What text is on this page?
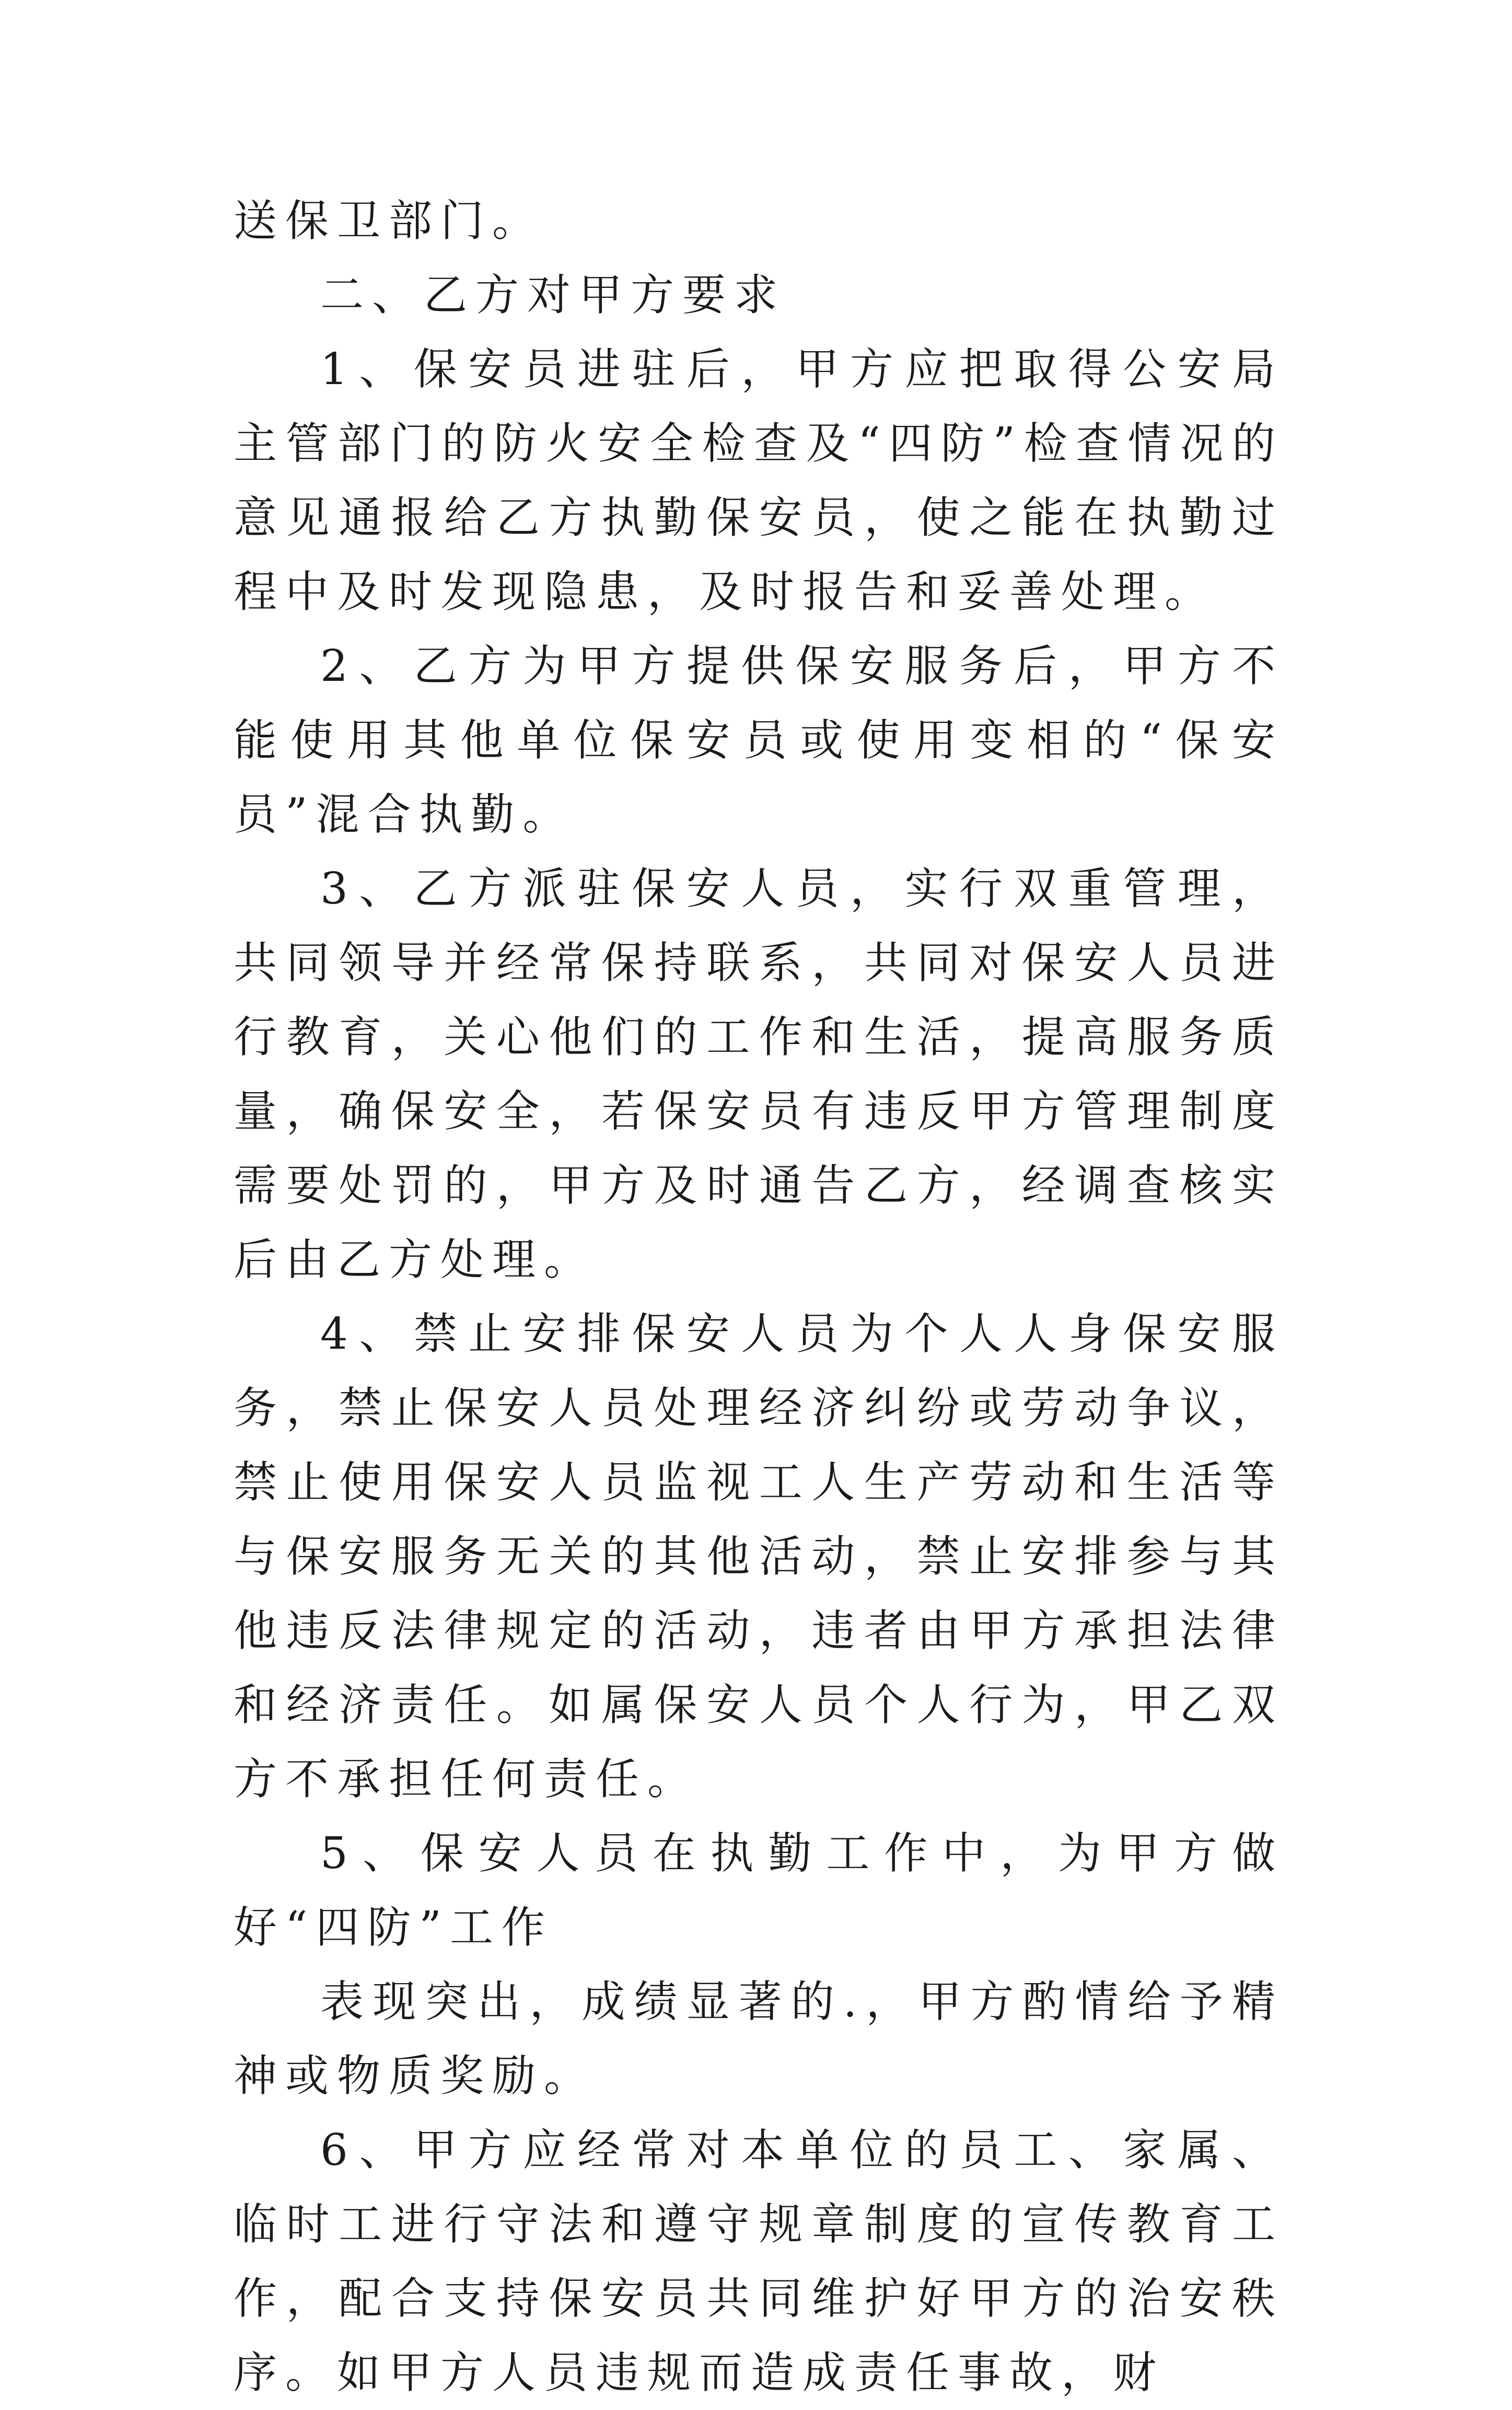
送保卫部门。

二、乙方对甲方要求

1、保安员进驻后，甲方应把取得公安局主管部门的防火安全检查及“四防”检查情况的意见通报给乙方执勤保安员，使之能在执勤过程中及时发现隐患，及时报告和妥善处理。

2、乙方为甲方提供保安服务后，甲方不能使用其他单位保安员或使用变相的“保安员”混合执勤。

3、乙方派驻保安人员，实行双重管理，共同领导并经常保持联系，共同对保安人员进行教育，关心他们的工作和生活，提高服务质量，确保安全，若保安员有违反甲方管理制度需要处罚的，甲方及时通告乙方，经调查核实后由乙方处理。

4、禁止安排保安人员为个人人身保安服务，禁止保安人员处理经济纠纷或劳动争议，禁止使用保安人员监视工人生产劳动和生活等与保安服务无关的其他活动，禁止安排参与其他违反法律规定的活动，违者由甲方承担法律和经济责任。如属保安人员个人行为，甲乙双方不承担任何责任。

5、保安人员在执勤工作中，为甲方做好“四防”工作

表现突出，成绩显著的.，甲方酌情给予精神或物质奖励。

6、甲方应经常对本单位的员工、家属、临时工进行守法和遵守规章制度的宣传教育工作，配合支持保安员共同维护好甲方的治安秩序。如甲方人员违规而造成责任事故，财
